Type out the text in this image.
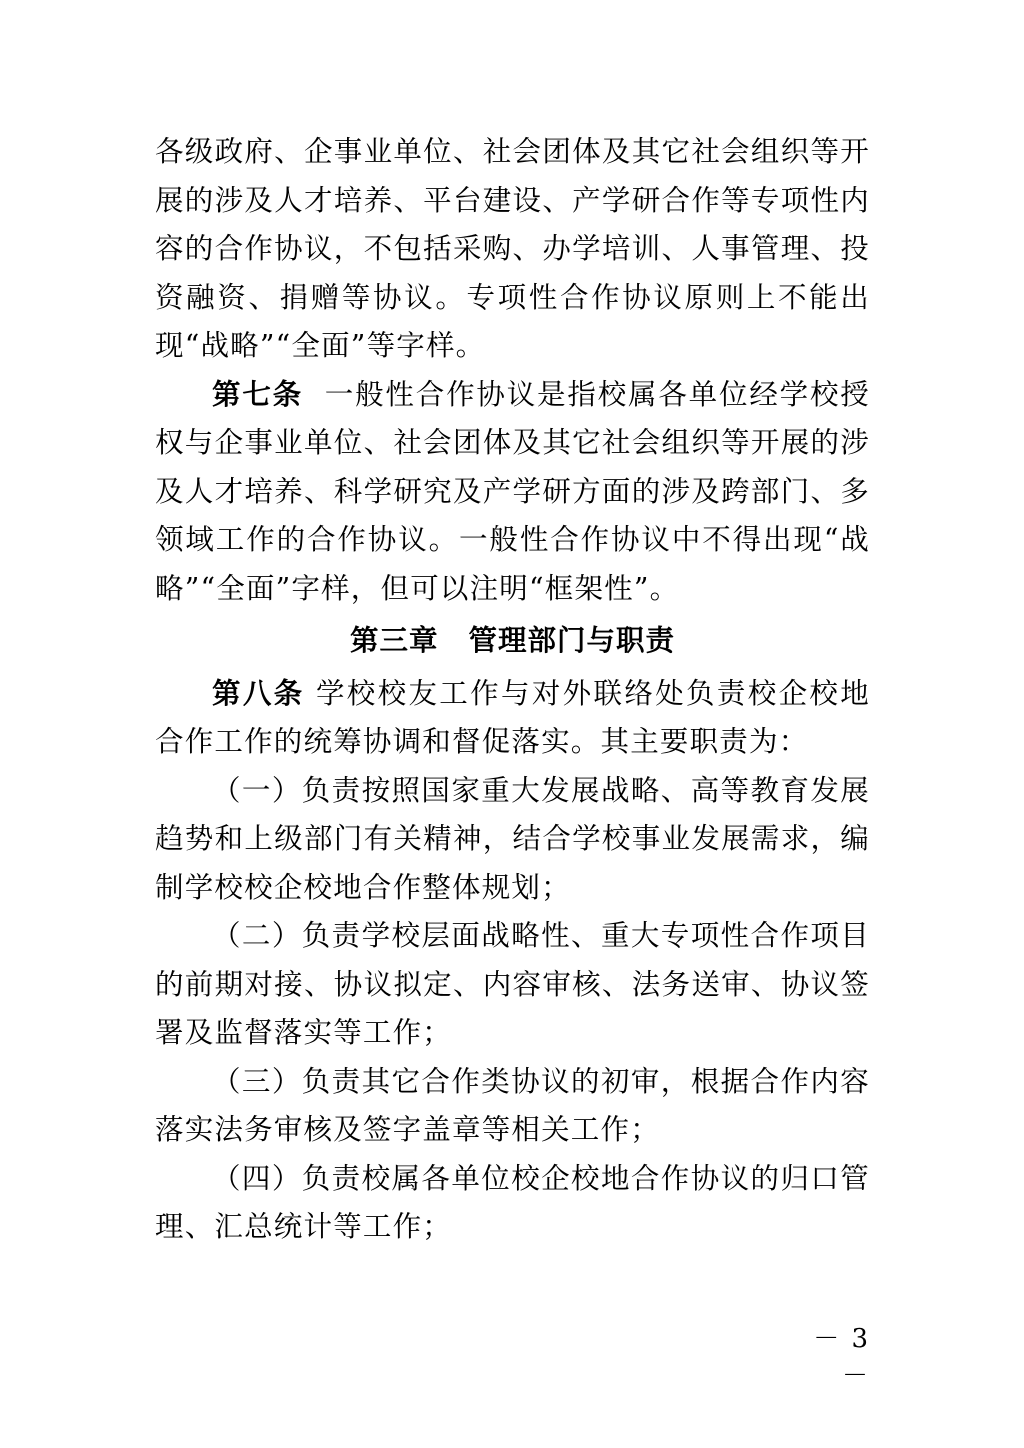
各级政府、企事业单位、社会团体及其它社会组织等开展的涉及人才培养、平台建设、产学研合作等专项性内容的合作协议，不包括采购、办学培训、人事管理、投资融资、捐赠等协议。专项性合作协议原则上不能出现“战略”“全面”等字样。

第七条 一般性合作协议是指校属各单位经学校授权与企事业单位、社会团体及其它社会组织等开展的涉及人才培养、科学研究及产学研方面的涉及跨部门、多领域工作的合作协议。一般性合作协议中不得出现“战略”“全面”字样，但可以注明“框架性”。

第三章 管理部门与职责

第八条 学校校友工作与对外联络处负责校企校地合作工作的统筹协调和督促落实。其主要职责为：

（一）负责按照国家重大发展战略、高等教育发展趋势和上级部门有关精神，结合学校事业发展需求，编制学校校企校地合作整体规划；

（二）负责学校层面战略性、重大专项性合作项目的前期对接、协议拟定、内容审核、法务送审、协议签署及监督落实等工作；

（三）负责其它合作类协议的初审，根据合作内容落实法务审核及签字盖章等相关工作；

（四）负责校属各单位校企校地合作协议的归口管理、汇总统计等工作；

－ 3 －
